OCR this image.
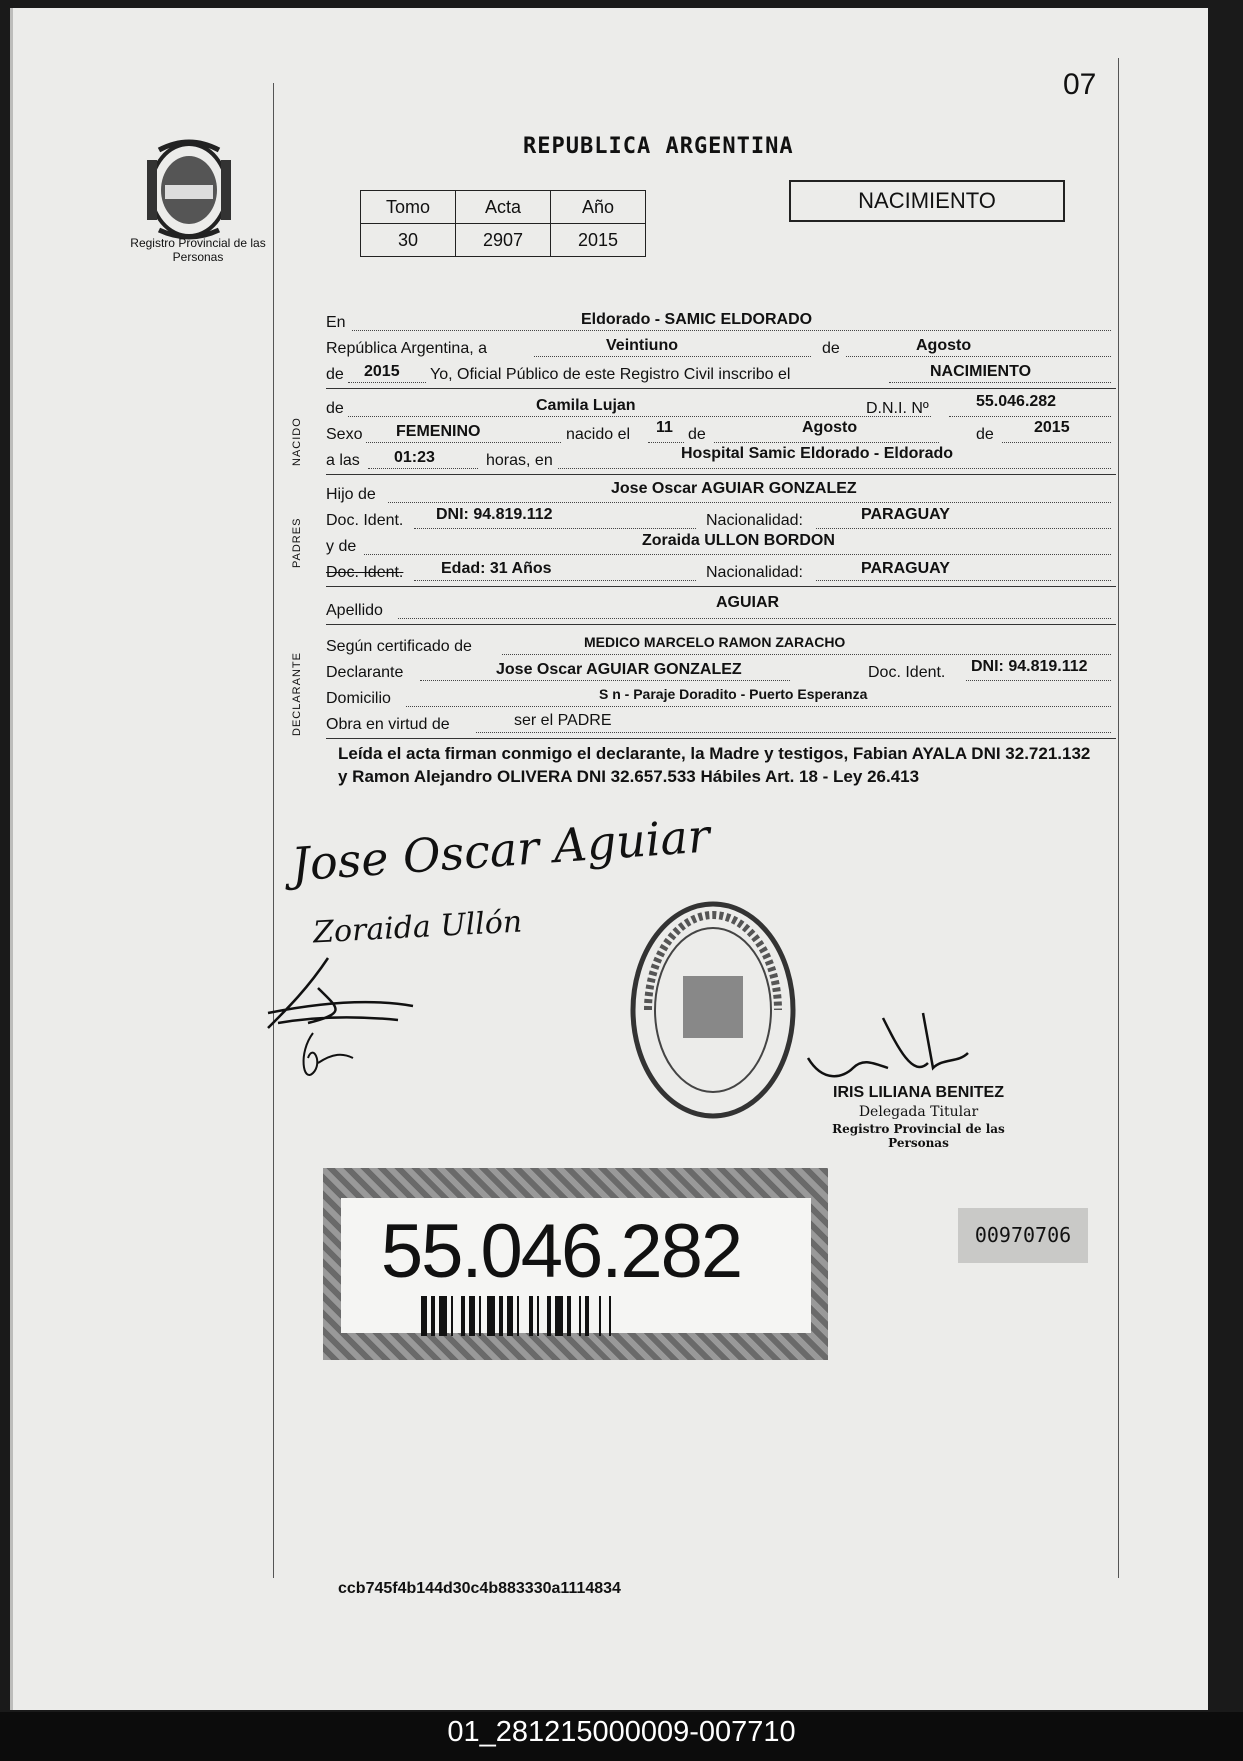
07
Registro Provincial de las Personas
REPUBLICA ARGENTINA
Tomo	Acta	Año
30	2907	2015
NACIMIENTO
En	Eldorado - SAMIC ELDORADO
República Argentina, a	Veintiuno	de	Agosto
de 2015 Yo, Oficial Público de este Registro Civil inscribo el	NACIMIENTO
NACIDO
de	Camila Lujan	D.N.I. Nº	55.046.282
Sexo FEMENINO	nacido el 11 de	Agosto	de	2015
a las 01:23	horas, en	Hospital Samic Eldorado - Eldorado
PADRES
Hijo de	Jose Oscar AGUIAR GONZALEZ
Doc. Ident. DNI: 94.819.112	Nacionalidad:	PARAGUAY
y de	Zoraida ULLON BORDON
Doc. Ident. Edad: 31 Años	Nacionalidad:	PARAGUAY
Apellido	AGUIAR
DECLARANTE
Según certificado de	MEDICO MARCELO RAMON ZARACHO
Declarante	Jose Oscar AGUIAR GONZALEZ	Doc. Ident. DNI: 94.819.112
Domicilio	S n - Paraje Doradito - Puerto Esperanza
Obra en virtud de	ser el PADRE
Leída el acta firman conmigo el declarante, la Madre y testigos, Fabian AYALA DNI 32.721.132 y Ramon Alejandro OLIVERA DNI 32.657.533 Hábiles Art. 18 - Ley 26.413
Jose Oscar Aguiar
Zoraida Ullón
IRIS LILIANA BENITEZ
Delegada Titular
Registro Provincial de las Personas
55.046.282	00970706
ccb745f4b144d30c4b883330a1114834
01_281215000009-007710
